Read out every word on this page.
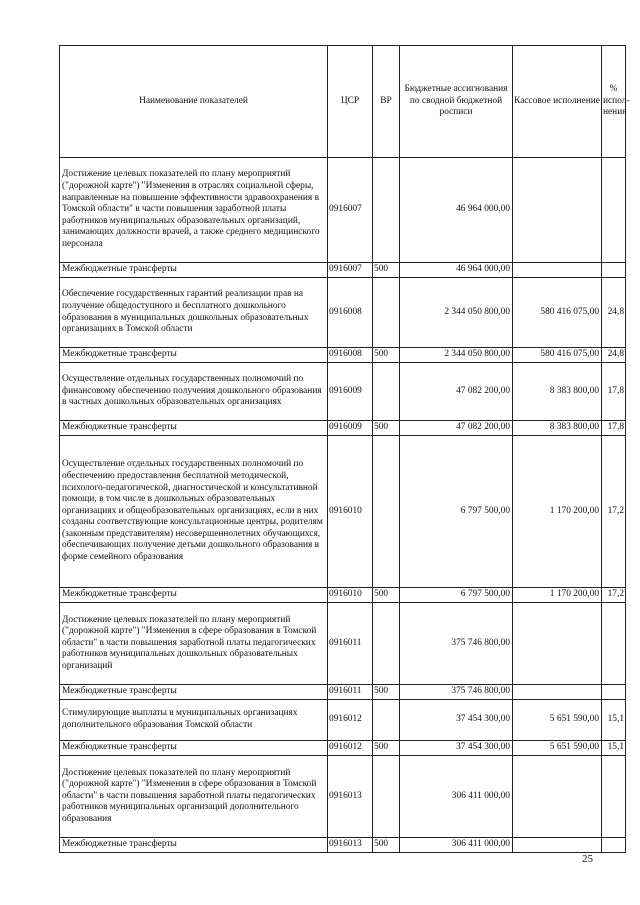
Наименование показателей	ЦСР	ВР	Бюджетные ассигнования по сводной бюджетной росписи	Кассовое исполнение	% испол-нения
Достижение целевых показателей по плану мероприятий ("дорожной карте") "Изменения в отраслях социальной сферы, направленные на повышение эффективности здравоохранения в Томской области" в части повышения заработной платы работников муниципальных образовательных организаций, занимающих должности врачей, а также среднего медицинского персонала	0916007		46 964 000,00		
Межбюджетные трансферты	0916007	500	46 964 000,00		
Обеспечение государственных гарантий реализации прав на получение общедоступного и бесплатного дошкольного образования в муниципальных дошкольных образовательных организациях в Томской области	0916008		2 344 050 800,00	580 416 075,00	24,8
Межбюджетные трансферты	0916008	500	2 344 050 800,00	580 416 075,00	24,8
Осуществление отдельных государственных полномочий по финансовому обеспечению получения дошкольного образования в частных дошкольных образовательных организациях	0916009		47 082 200,00	8 383 800,00	17,8
Межбюджетные трансферты	0916009	500	47 082 200,00	8 383 800,00	17,8
Осуществление отдельных государственных полномочий по обеспечению предоставления бесплатной методической, психолого-педагогической, диагностической и консультативной помощи, в том числе в дошкольных образовательных организациях и общеобразовательных организациях, если в них созданы соответствующие консультационные центры, родителям (законным представителям) несовершеннолетних обучающихся, обеспечивающих получение детьми дошкольного образования в форме семейного образования	0916010		6 797 500,00	1 170 200,00	17,2
Межбюджетные трансферты	0916010	500	6 797 500,00	1 170 200,00	17,2
Достижение целевых показателей по плану мероприятий ("дорожной карте") "Изменения в сфере образования в Томской области" в части повышения заработной платы педагогических работников муниципальных дошкольных образовательных организаций	0916011		375 746 800,00		
Межбюджетные трансферты	0916011	500	375 746 800,00		
Стимулирующие выплаты в муниципальных организациях дополнительного образования Томской области	0916012		37 454 300,00	5 651 590,00	15,1
Межбюджетные трансферты	0916012	500	37 454 300,00	5 651 590,00	15,1
Достижение целевых показателей по плану мероприятий ("дорожной карте") "Изменения в сфере образования в Томской области" в части повышения заработной платы педагогических работников муниципальных организаций дополнительного образования	0916013		306 411 000,00		
Межбюджетные трансферты	0916013	500	306 411 000,00		
25
